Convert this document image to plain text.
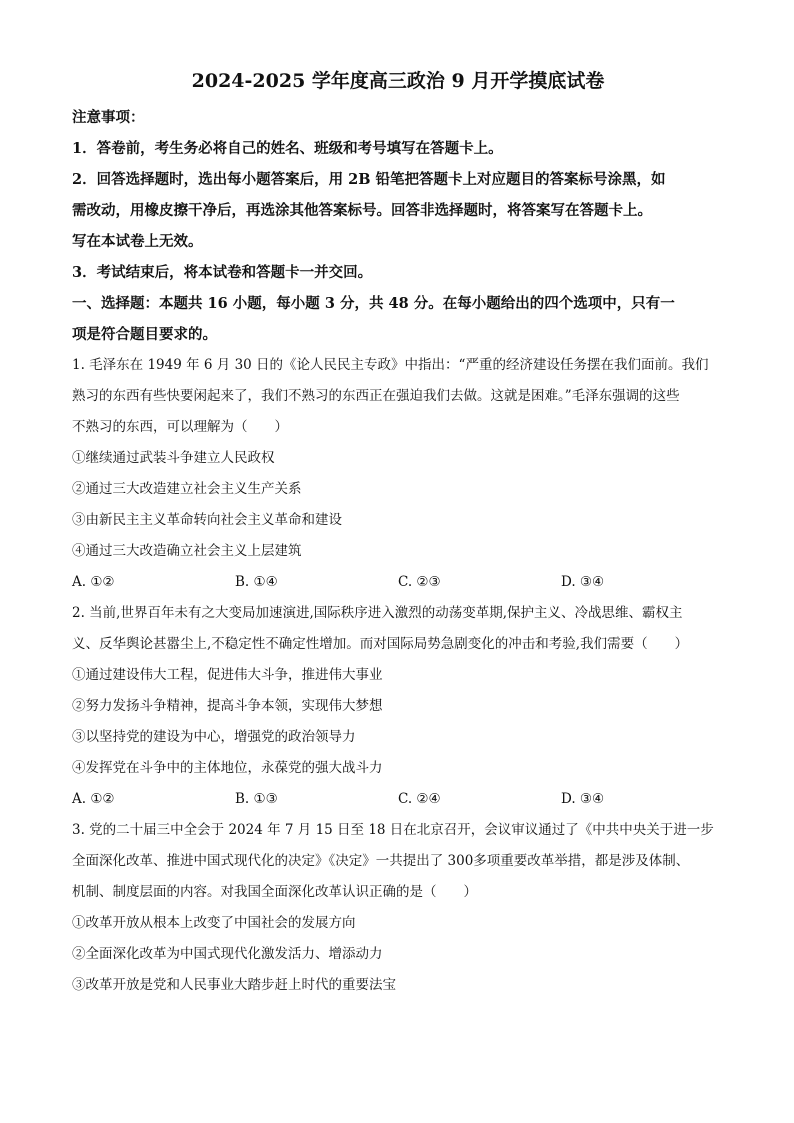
2024-2025 学年度高三政治 9 月开学摸底试卷

注意事项：

1．答卷前，考生务必将自己的姓名、班级和考号填写在答题卡上。

2．回答选择题时，选出每小题答案后，用 2B 铅笔把答题卡上对应题目的答案标号涂黑，如

需改动，用橡皮擦干净后，再选涂其他答案标号。回答非选择题时，将答案写在答题卡上。

写在本试卷上无效。

3．考试结束后，将本试卷和答题卡一并交回。

一、选择题：本题共 16 小题，每小题 3 分，共 48 分。在每小题给出的四个选项中，只有一

项是符合题目要求的。

1. 毛泽东在 1949 年 6 月 30 日的《论人民民主专政》中指出：“严重的经济建设任务摆在我们面前。我们

熟习的东西有些快要闲起来了，我们不熟习的东西正在强迫我们去做。这就是困难。”毛泽东强调的这些

不熟习的东西，可以理解为（　　）

①继续通过武装斗争建立人民政权

②通过三大改造建立社会主义生产关系

③由新民主主义革命转向社会主义革命和建设

④通过三大改造确立社会主义上层建筑

A. ①②	B. ①④	C. ②③	D. ③④

2. 当前,世界百年未有之大变局加速演进,国际秩序进入激烈的动荡变革期,保护主义、冷战思维、霸权主

义、反华舆论甚嚣尘上,不稳定性不确定性增加。而对国际局势急剧变化的冲击和考验,我们需要（　　）

①通过建设伟大工程，促进伟大斗争，推进伟大事业

②努力发扬斗争精神，提高斗争本领，实现伟大梦想

③以坚持党的建设为中心，增强党的政治领导力

④发挥党在斗争中的主体地位，永葆党的强大战斗力

A. ①②	B. ①③	C. ②④	D. ③④

3. 党的二十届三中全会于 2024 年 7 月 15 日至 18 日在北京召开，会议审议通过了《中共中央关于进一步

全面深化改革、推进中国式现代化的决定》《决定》一共提出了 300多项重要改革举措，都是涉及体制、

机制、制度层面的内容。对我国全面深化改革认识正确的是（　　）

①改革开放从根本上改变了中国社会的发展方向

②全面深化改革为中国式现代化激发活力、增添动力

③改革开放是党和人民事业大踏步赶上时代的重要法宝
